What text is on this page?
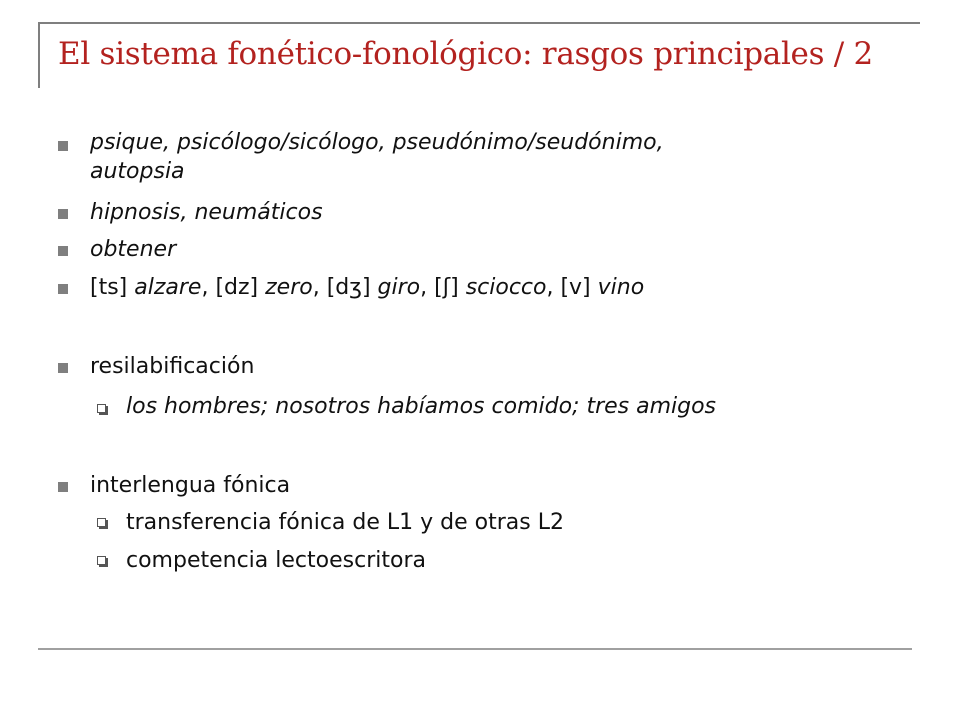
El sistema fonético-fonológico: rasgos principales / 2
psique, psicólogo/sicólogo, pseudónimo/seudónimo,
autopsia
hipnosis, neumáticos
obtener
[ts] alzare, [dz] zero, [dʒ] giro, [ʃ] sciocco, [v] vino
resilabificación
los hombres; nosotros habíamos comido; tres amigos
interlengua fónica
transferencia fónica de L1 y de otras L2
competencia lectoescritora
